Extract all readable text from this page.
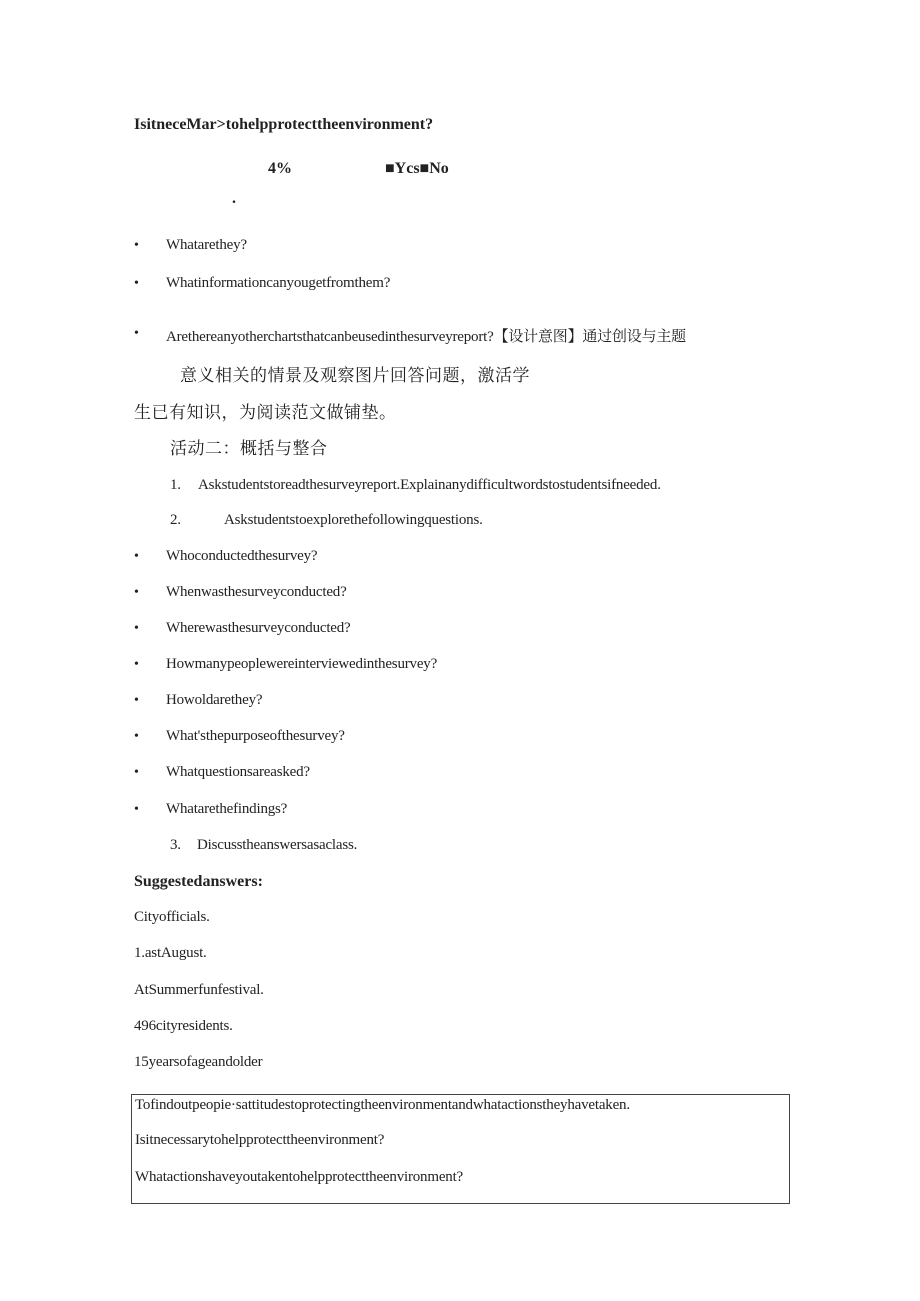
IsitneceMar>tohelpprotecttheenvironment?
4%	■Ycs■No
.
• Whatarethey?
• Whatinformationcanyougetfromthem?
• Arethereanyotherchartsthatcanbeusedinthesurveyreport?【设计意图】通过创设与主题
意义相关的情景及观察图片回答问题，激活学
生已有知识，为阅读范文做铺垫。
活动二：概括与整合
1. Askstudentstoreadthesurveyreport.Explainanydifficultwordstostudentsifneeded.
2.	Askstudentstoexplorethefollowingquestions.
• Whoconductedthesurvey?
• Whenwasthesurveyconducted?
• Wherewasthesurveyconducted?
• Howmanypeoplewereinterviewedinthesurvey?
• Howoldarethey?
• What'sthepurposeofthesurvey?
• Whatquestionsareasked?
• Whatarethefindings?
3. Discusstheanswersasaclass.
Suggestedanswers:
Cityofficials.
1.astAugust.
AtSummerfunfestival.
496cityresidents.
15yearsofageandolder
Tofindoutpeopie·sattitudestoprotectingtheenvironmentandwhatactionstheyhavetaken.
Isitnecessarytohelpprotecttheenvironment?
Whatactionshaveyoutakentohelpprotecttheenvironment?
